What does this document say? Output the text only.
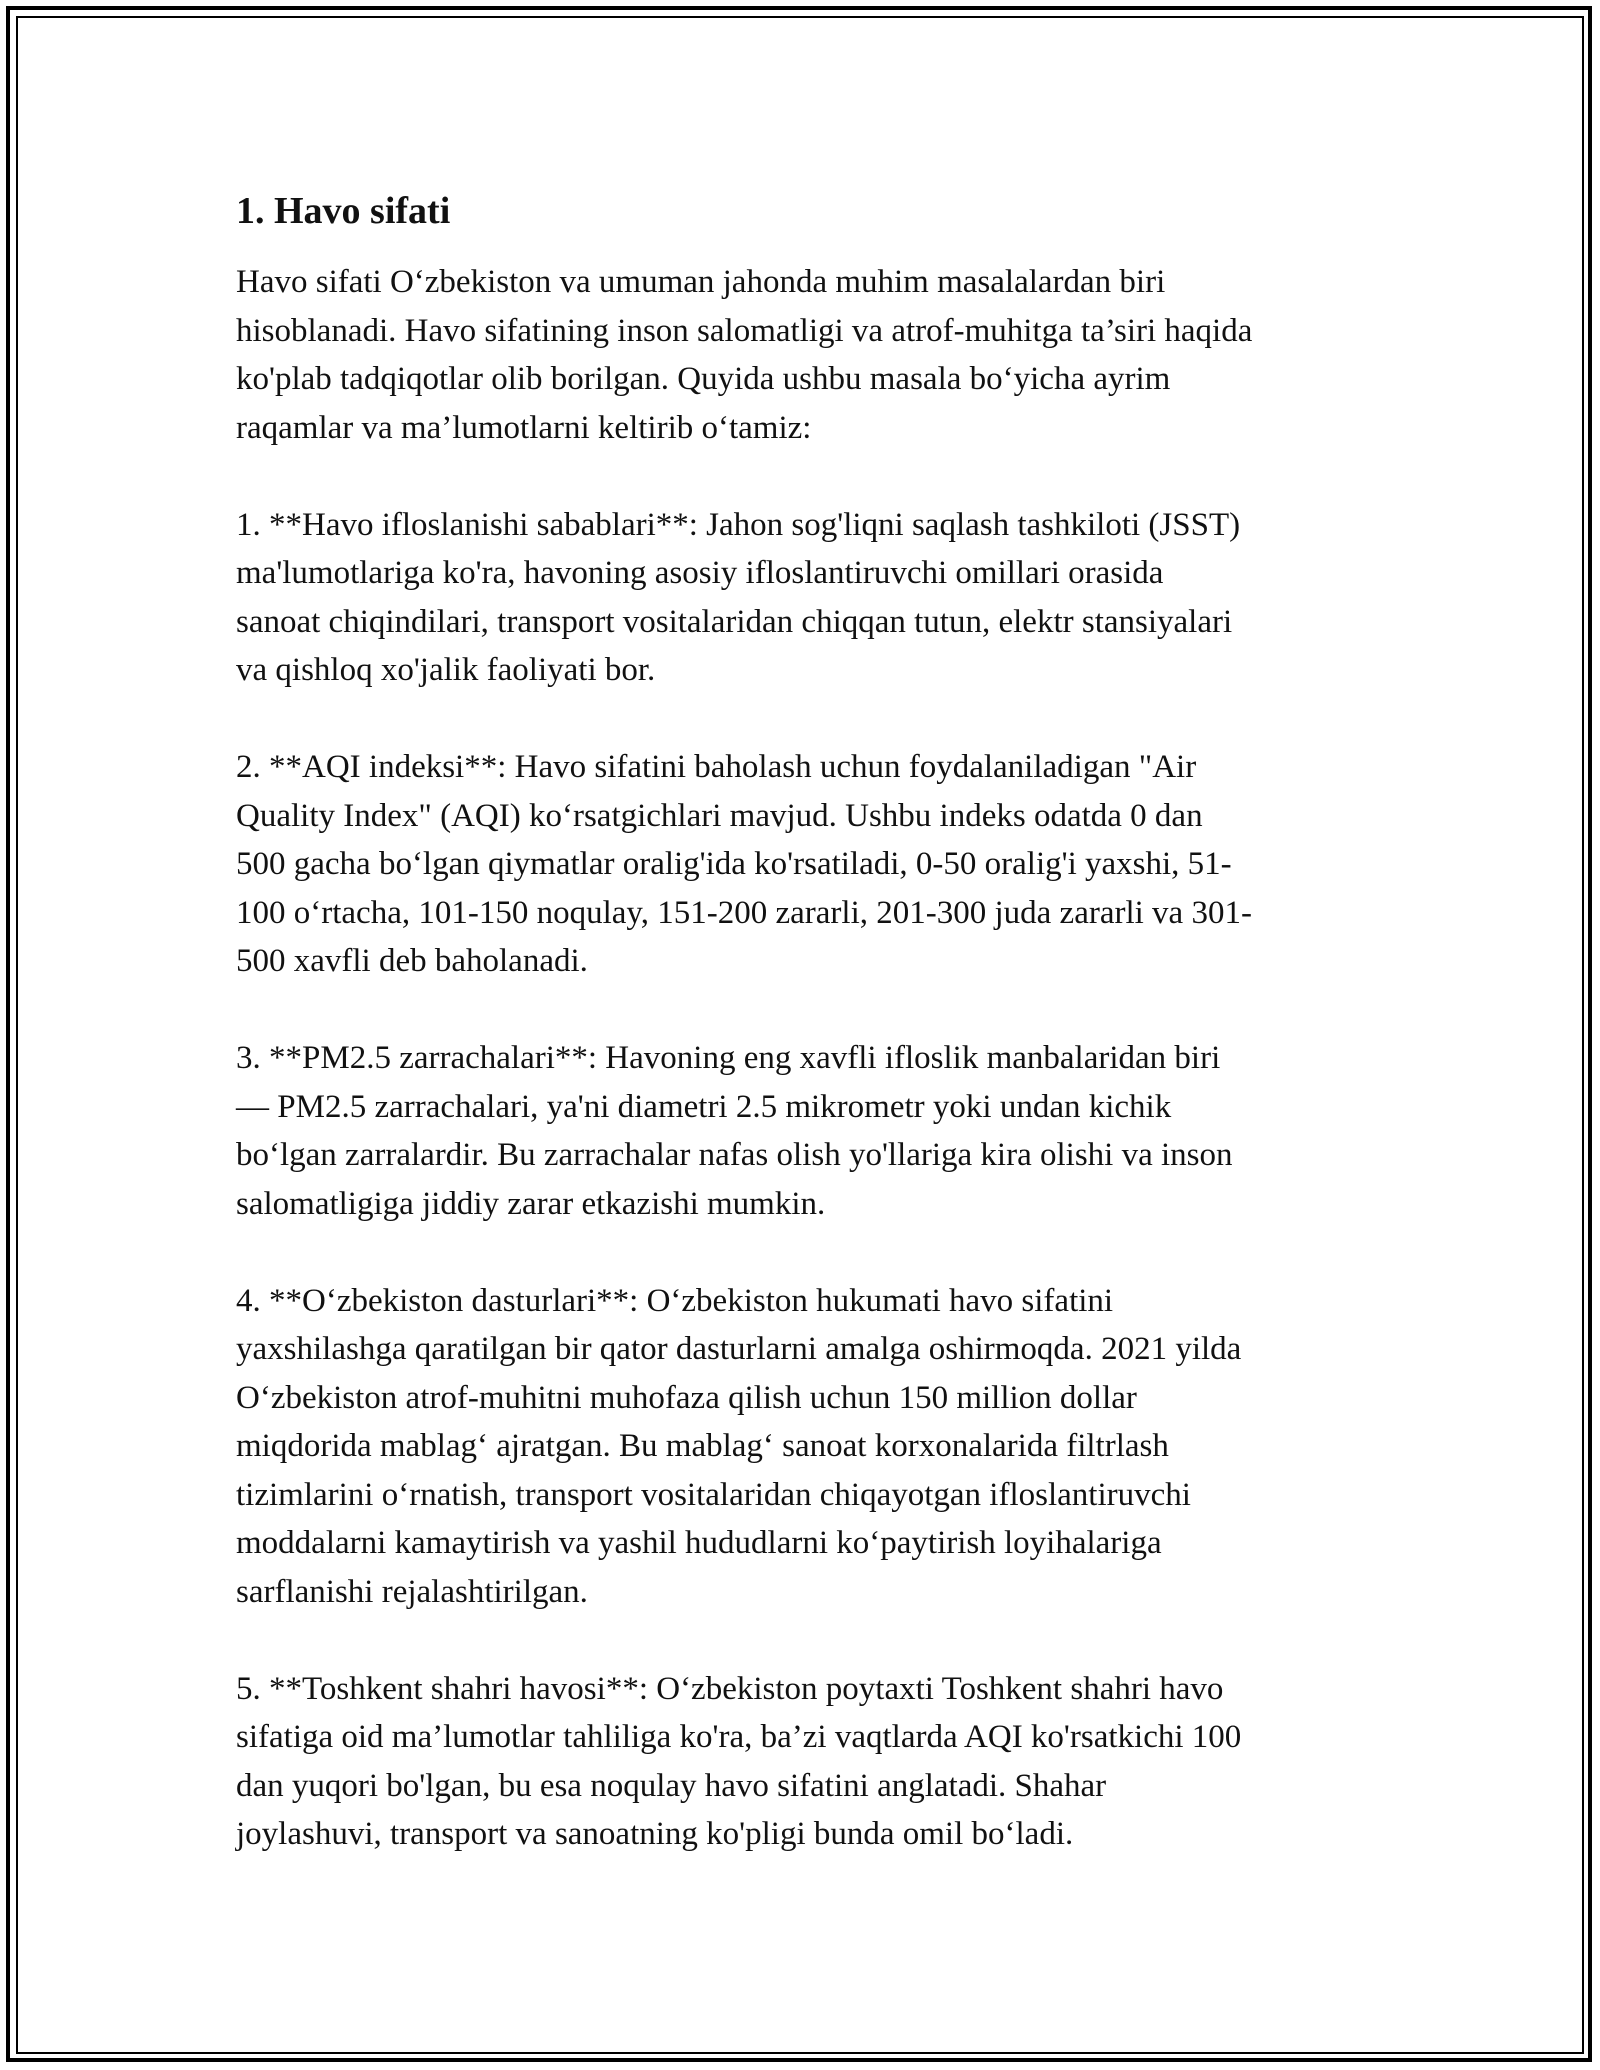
1. Havo sifati
Havo sifati O‘zbekiston va umuman jahonda muhim masalalardan biri
hisoblanadi. Havo sifatining inson salomatligi va atrof-muhitga ta’siri haqida
ko'plab tadqiqotlar olib borilgan. Quyida ushbu masala bo‘yicha ayrim
raqamlar va ma’lumotlarni keltirib o‘tamiz:
1. **Havo ifloslanishi sabablari**: Jahon sog'liqni saqlash tashkiloti (JSST)
ma'lumotlariga ko'ra, havoning asosiy ifloslantiruvchi omillari orasida
sanoat chiqindilari, transport vositalaridan chiqqan tutun, elektr stansiyalari
va qishloq xo'jalik faoliyati bor.
2. **AQI indeksi**: Havo sifatini baholash uchun foydalaniladigan "Air
Quality Index" (AQI) ko‘rsatgichlari mavjud. Ushbu indeks odatda 0 dan
500 gacha bo‘lgan qiymatlar oralig'ida ko'rsatiladi, 0-50 oralig'i yaxshi, 51-
100 o‘rtacha, 101-150 noqulay, 151-200 zararli, 201-300 juda zararli va 301-
500 xavfli deb baholanadi.
3. **PM2.5 zarrachalari**: Havoning eng xavfli ifloslik manbalaridan biri
— PM2.5 zarrachalari, ya'ni diametri 2.5 mikrometr yoki undan kichik
bo‘lgan zarralardir. Bu zarrachalar nafas olish yo'llariga kira olishi va inson
salomatligiga jiddiy zarar etkazishi mumkin.
4. **O‘zbekiston dasturlari**: O‘zbekiston hukumati havo sifatini
yaxshilashga qaratilgan bir qator dasturlarni amalga oshirmoqda. 2021 yilda
O‘zbekiston atrof-muhitni muhofaza qilish uchun 150 million dollar
miqdorida mablag‘ ajratgan. Bu mablag‘ sanoat korxonalarida filtrlash
tizimlarini o‘rnatish, transport vositalaridan chiqayotgan ifloslantiruvchi
moddalarni kamaytirish va yashil hududlarni ko‘paytirish loyihalariga
sarflanishi rejalashtirilgan.
5. **Toshkent shahri havosi**: O‘zbekiston poytaxti Toshkent shahri havo
sifatiga oid ma’lumotlar tahliliga ko'ra, ba’zi vaqtlarda AQI ko'rsatkichi 100
dan yuqori bo'lgan, bu esa noqulay havo sifatini anglatadi. Shahar
joylashuvi, transport va sanoatning ko'pligi bunda omil bo‘ladi.
